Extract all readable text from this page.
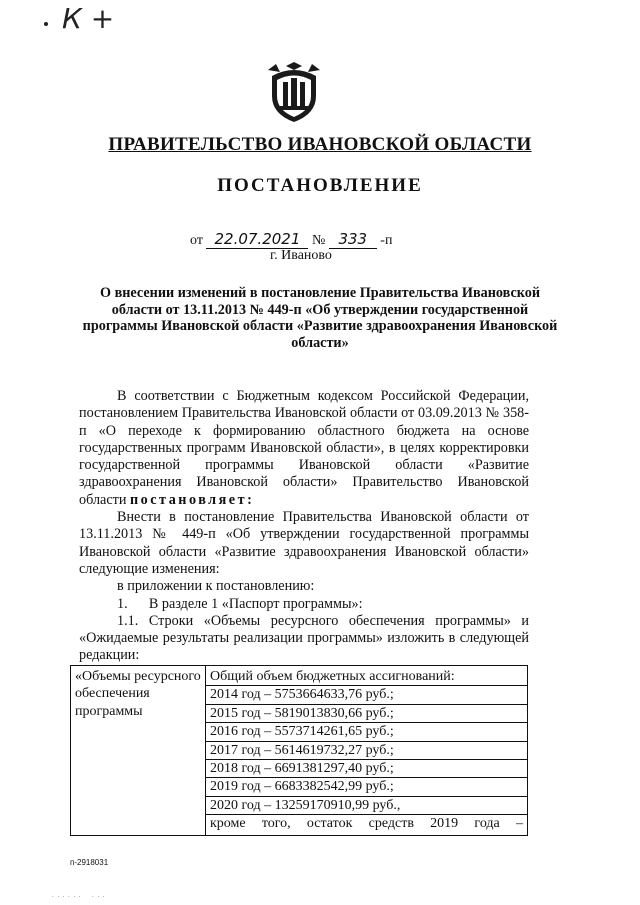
К +
ПРАВИТЕЛЬСТВО ИВАНОВСКОЙ ОБЛАСТИ
ПОСТАНОВЛЕНИЕ
от 22.07.2021 № 333 -п
г. Иваново
О внесении изменений в постановление Правительства Ивановской области от 13.11.2013 № 449-п «Об утверждении государственной программы Ивановской области «Развитие здравоохранения Ивановской области»

В соответствии с Бюджетным кодексом Российской Федерации, постановлением Правительства Ивановской области от 03.09.2013 № 358-п «О переходе к формированию областного бюджета на основе государственных программ Ивановской области», в целях корректировки государственной программы Ивановской области «Развитие здравоохранения Ивановской области» Правительство Ивановской области постановляет:

Внести в постановление Правительства Ивановской области от 13.11.2013 № 449-п «Об утверждении государственной программы Ивановской области «Развитие здравоохранения Ивановской области» следующие изменения:

в приложении к постановлению:

1.      В разделе 1 «Паспорт программы»:

1.1. Строки «Объемы ресурсного обеспечения программы» и «Ожидаемые результаты реализации программы» изложить в следующей редакции:

«Объемы ресурсного обеспечения программы	
Общий объем бюджетных ассигнований:
2014 год – 5753664633,76 руб.;
2015 год – 5819013830,66 руб.;
2016 год – 5573714261,65 руб.;
2017 год – 5614619732,27 руб.;
2018 год – 6691381297,40 руб.;
2019 год – 6683382542,99 руб.;
2020 год – 13259170910,99 руб.,
кроме того, остаток средств 2019 года –
п-2918031
. . . . . .    . . .
